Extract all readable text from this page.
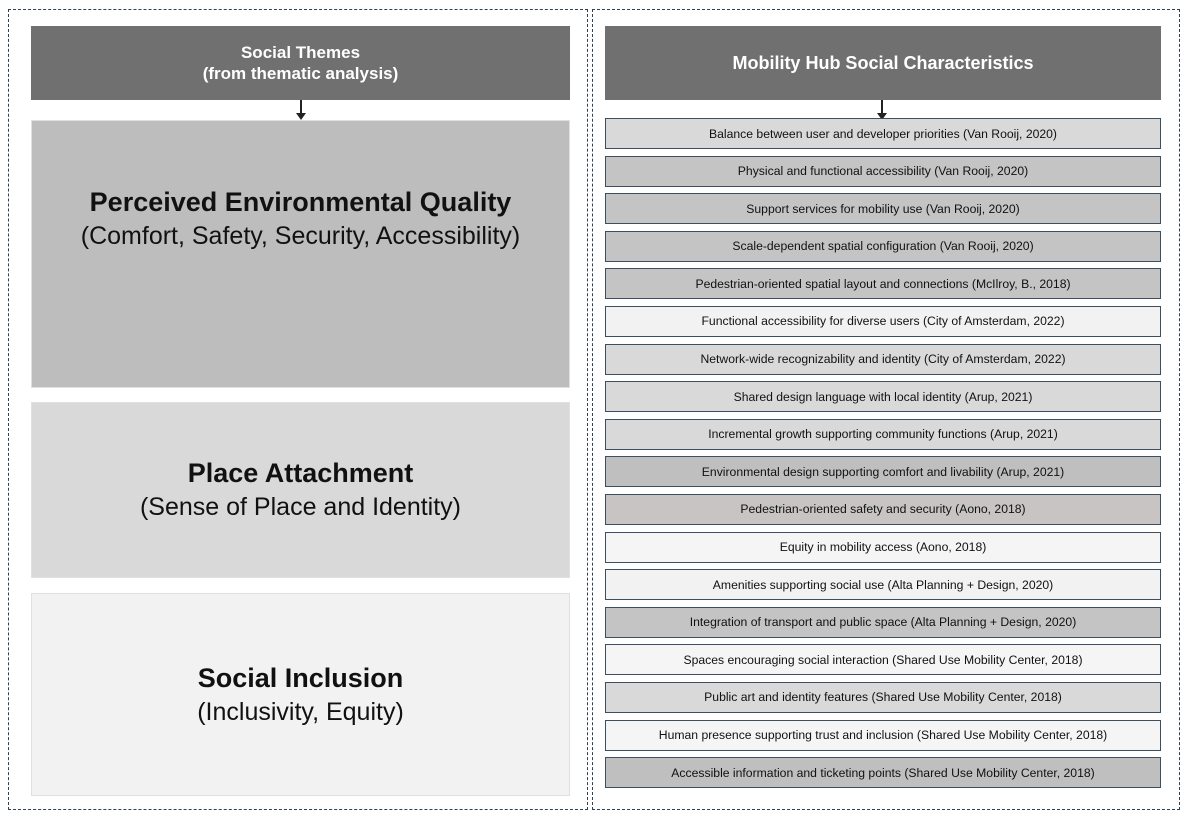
Social Themes
(from thematic analysis)
Perceived Environmental Quality
(Comfort, Safety, Security, Accessibility)
Place Attachment
(Sense of Place and Identity)
Social Inclusion
(Inclusivity, Equity)
Mobility Hub Social Characteristics
Balance between user and developer priorities (Van Rooij, 2020)
Physical and functional accessibility (Van Rooij, 2020)
Support services for mobility use (Van Rooij, 2020)
Scale-dependent spatial configuration (Van Rooij, 2020)
Pedestrian-oriented spatial layout and connections (McIlroy, B., 2018)
Functional accessibility for diverse users (City of Amsterdam, 2022)
Network-wide recognizability and identity (City of Amsterdam, 2022)
Shared design language with local identity (Arup, 2021)
Incremental growth supporting community functions (Arup, 2021)
Environmental design supporting comfort and livability (Arup, 2021)
Pedestrian-oriented safety and security (Aono, 2018)
Equity in mobility access (Aono, 2018)
Amenities supporting social use (Alta Planning + Design, 2020)
Integration of transport and public space (Alta Planning + Design, 2020)
Spaces encouraging social interaction (Shared Use Mobility Center, 2018)
Public art and identity features (Shared Use Mobility Center, 2018)
Human presence supporting trust and inclusion (Shared Use Mobility Center, 2018)
Accessible information and ticketing points (Shared Use Mobility Center, 2018)
